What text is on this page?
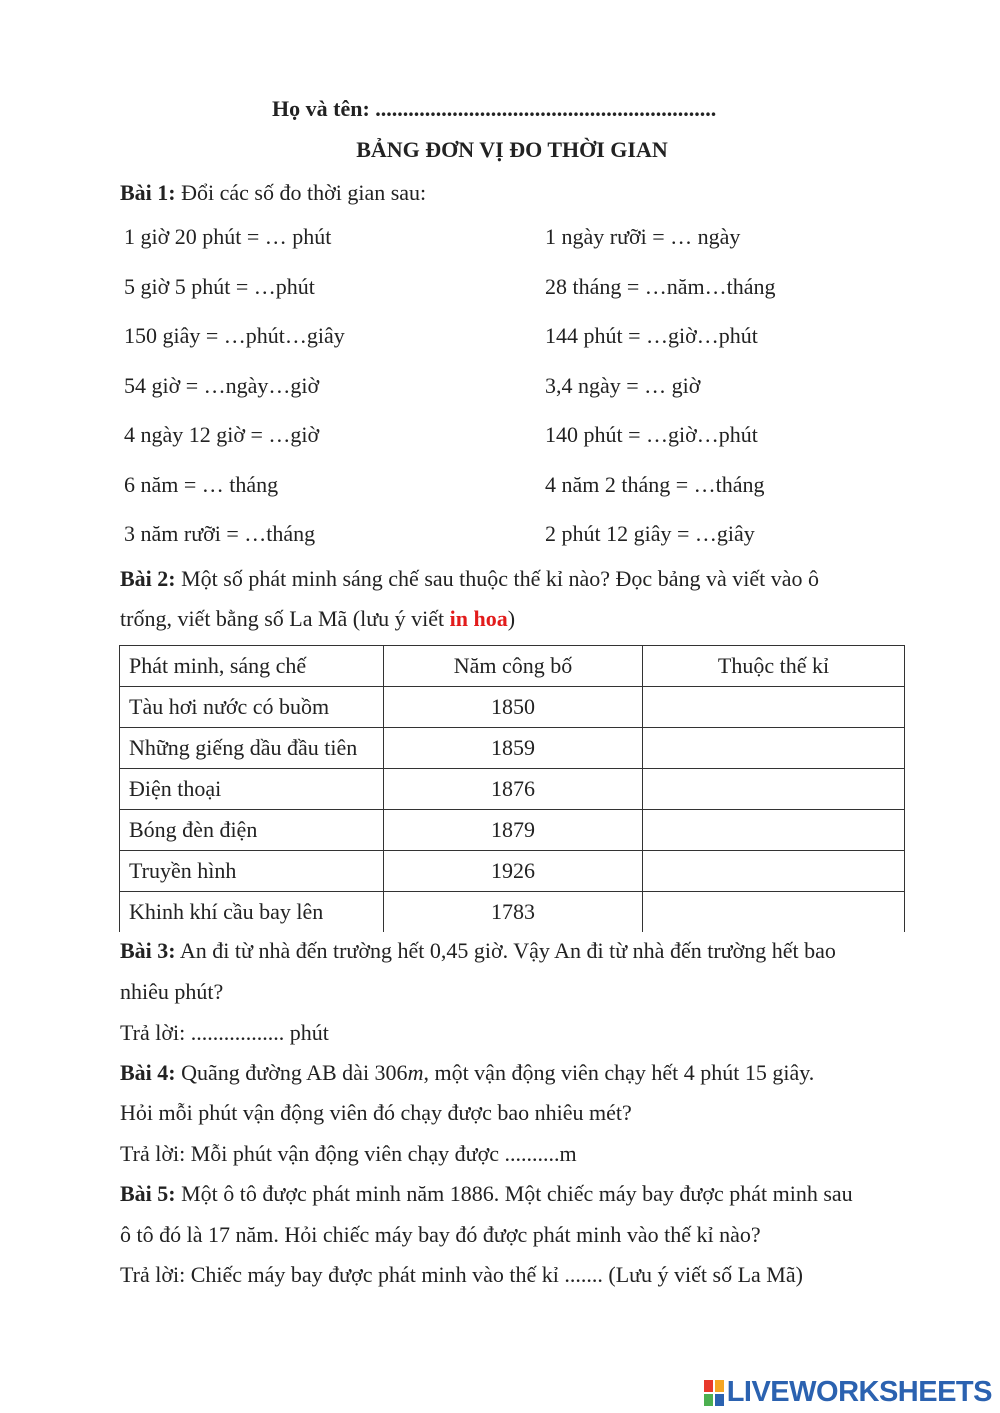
Họ và tên: ..............................................................
BẢNG ĐƠN VỊ ĐO THỜI GIAN
Bài 1: Đổi các số đo thời gian sau:
1 giờ 20 phút = … phút
5 giờ 5 phút = …phút
150 giây = …phút…giây
54 giờ = …ngày…giờ
4 ngày 12 giờ = …giờ
6 năm = … tháng
3 năm rưỡi = …tháng
1 ngày rưỡi = … ngày
28 tháng = …năm…tháng
144 phút = …giờ…phút
3,4 ngày = … giờ
140 phút = …giờ…phút
4 năm 2 tháng = …tháng
2 phút 12 giây = …giây
Bài 2: Một số phát minh sáng chế sau thuộc thế kỉ nào? Đọc bảng và viết vào ô
trống, viết bằng số La Mã (lưu ý viết in hoa)
Phát minh, sáng chế	Năm công bố	Thuộc thế kỉ
Tàu hơi nước có buồm	1850	
Những giếng dầu đầu tiên	1859	
Điện thoại	1876	
Bóng đèn điện	1879	
Truyền hình	1926	
Khinh khí cầu bay lên	1783	
Bài 3: An đi từ nhà đến trường hết 0,45 giờ. Vậy An đi từ nhà đến trường hết bao
nhiêu phút?
Trả lời: ................. phút
Bài 4: Quãng đường AB dài 306m, một vận động viên chạy hết 4 phút 15 giây.
Hỏi mỗi phút vận động viên đó chạy được bao nhiêu mét?
Trả lời: Mỗi phút vận động viên chạy được ..........m
Bài 5: Một ô tô được phát minh năm 1886. Một chiếc máy bay được phát minh sau
ô tô đó là 17 năm. Hỏi chiếc máy bay đó được phát minh vào thế kỉ nào?
Trả lời: Chiếc máy bay được phát minh vào thế kỉ ....... (Lưu ý viết số La Mã)
LIVEWORKSHEETS
